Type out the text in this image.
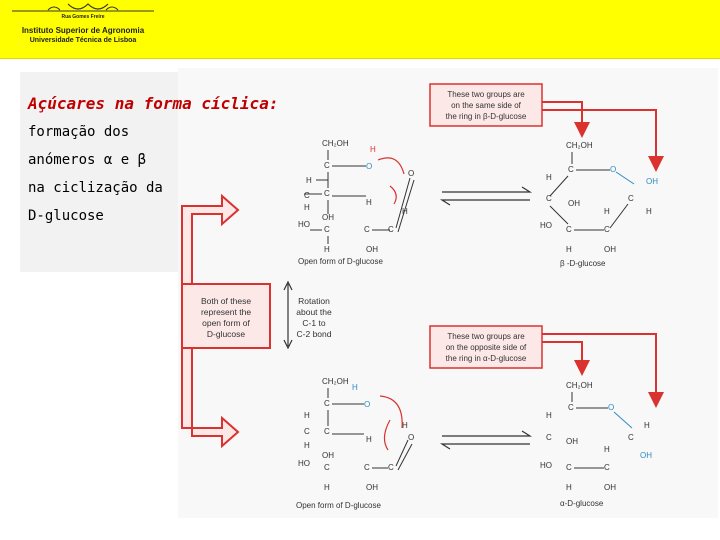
Rua Gomes Freire
Instituto Superior de Agronomia
Universidade Técnica de Lisboa
Açúcares na forma cíclica:
formação dos
anómeros α e β
na ciclização da
D-glucose
Both of these
represent the
open form of
D-glucose
Rotation
about the
C-1 to
C-2 bond
These two groups are
on the same side of
the ring in β-D-glucose
These two groups are
on the opposite side of
the ring in α-D-glucose
CH₂OH
C	O
H
H
C
H
C
OH
C
HO
H
H
C C
OH
O
H
Open form of D-glucose
CH₂OH
C	O
OH
H
C
OH
HO C	C
C
H	H
H	OH
β -D-glucose
CH₂OH
C	O
H
H
C
C
H
OH
HO C
H
H
C C
OH
O
H
Open form of D-glucose
CH₂OH
C	O
H
H
C OH
HO C	C
C
H
OH
H	OH
α-D-glucose
